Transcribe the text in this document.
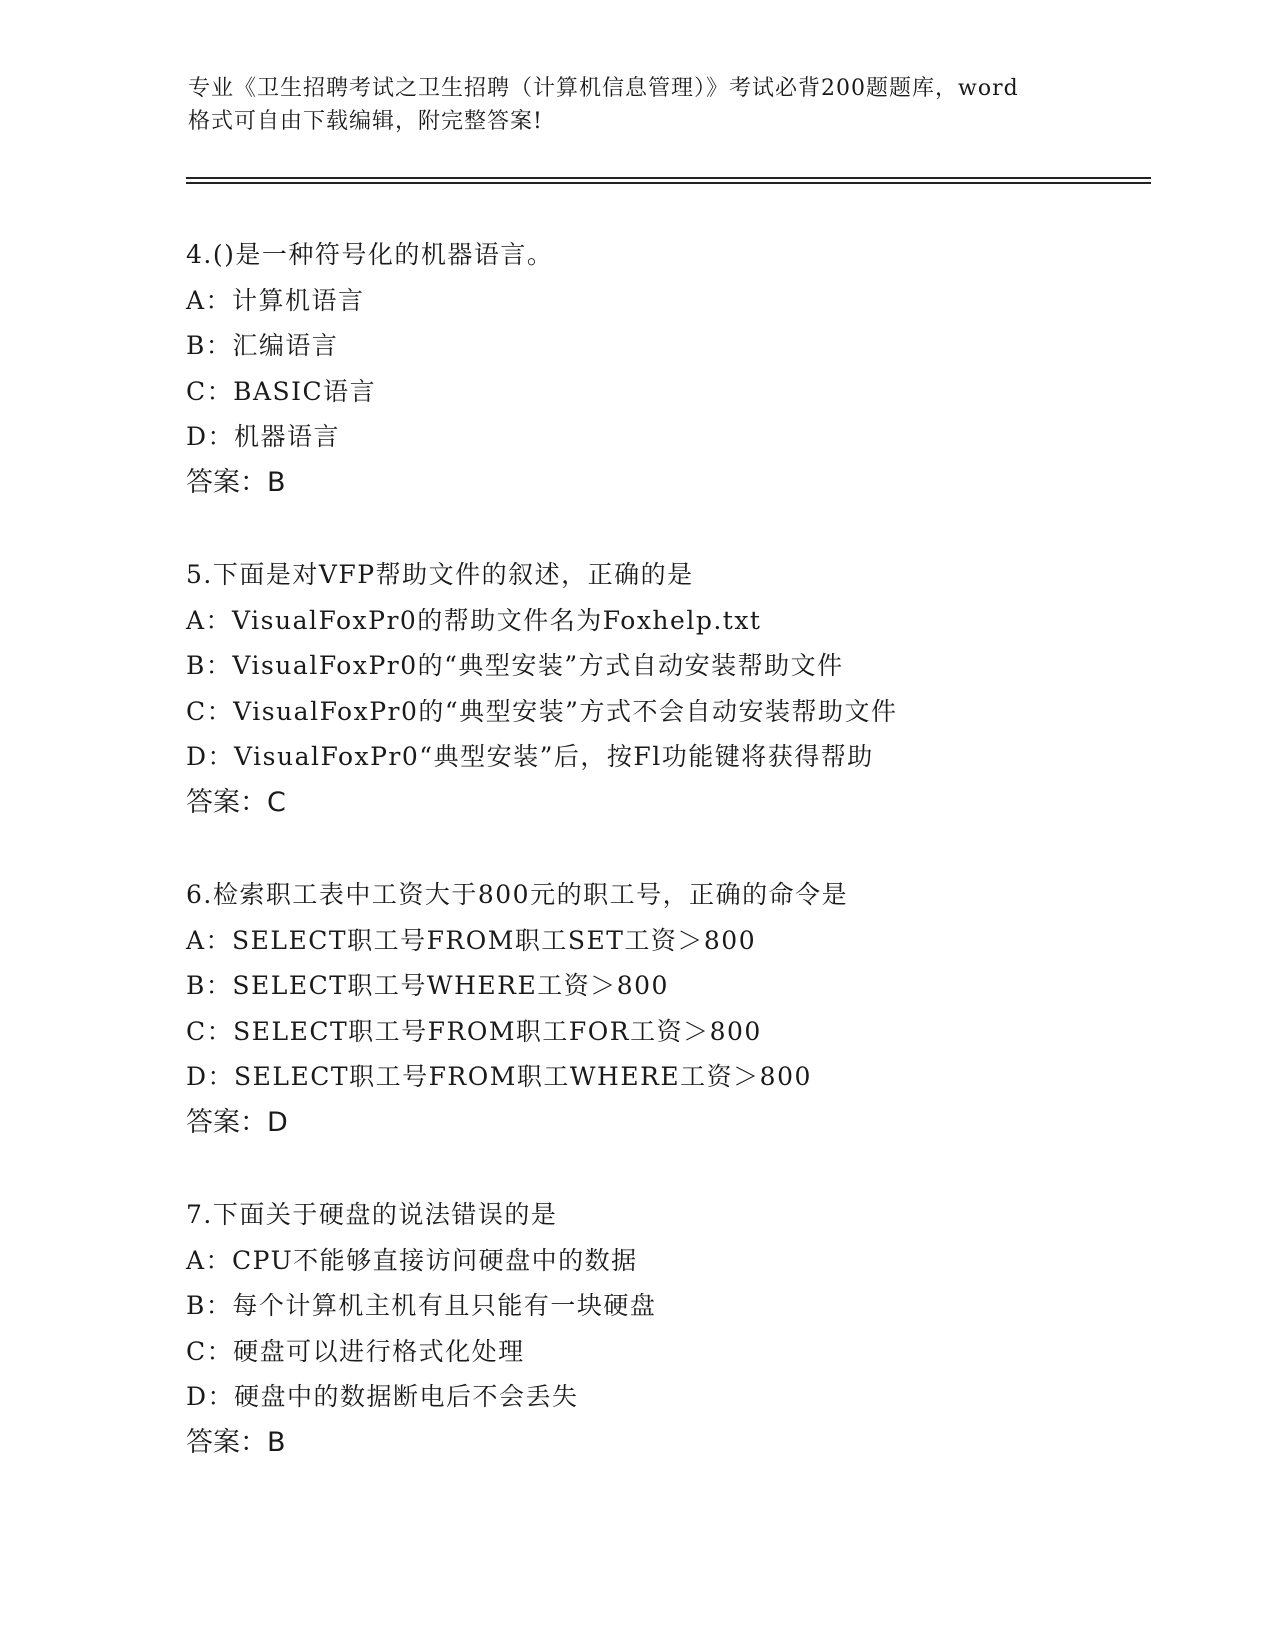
专业《卫生招聘考试之卫生招聘（计算机信息管理）》考试必背200题题库，word
格式可自由下载编辑，附完整答案!
4.()是一种符号化的机器语言。
A：计算机语言
B：汇编语言
C：BASIC语言
D：机器语言
答案：B
5.下面是对VFP帮助文件的叙述，正确的是
A：VisualFoxPr0的帮助文件名为Foxhelp.txt
B：VisualFoxPr0的“典型安装”方式自动安装帮助文件
C：VisualFoxPr0的“典型安装”方式不会自动安装帮助文件
D：VisualFoxPr0“典型安装”后，按Fl功能键将获得帮助
答案：C
6.检索职工表中工资大于800元的职工号，正确的命令是
A：SELECT职工号FROM职工SET工资＞800
B：SELECT职工号WHERE工资＞800
C：SELECT职工号FROM职工FOR工资＞800
D：SELECT职工号FROM职工WHERE工资＞800
答案：D
7.下面关于硬盘的说法错误的是
A：CPU不能够直接访问硬盘中的数据
B：每个计算机主机有且只能有一块硬盘
C：硬盘可以进行格式化处理
D：硬盘中的数据断电后不会丢失
答案：B
